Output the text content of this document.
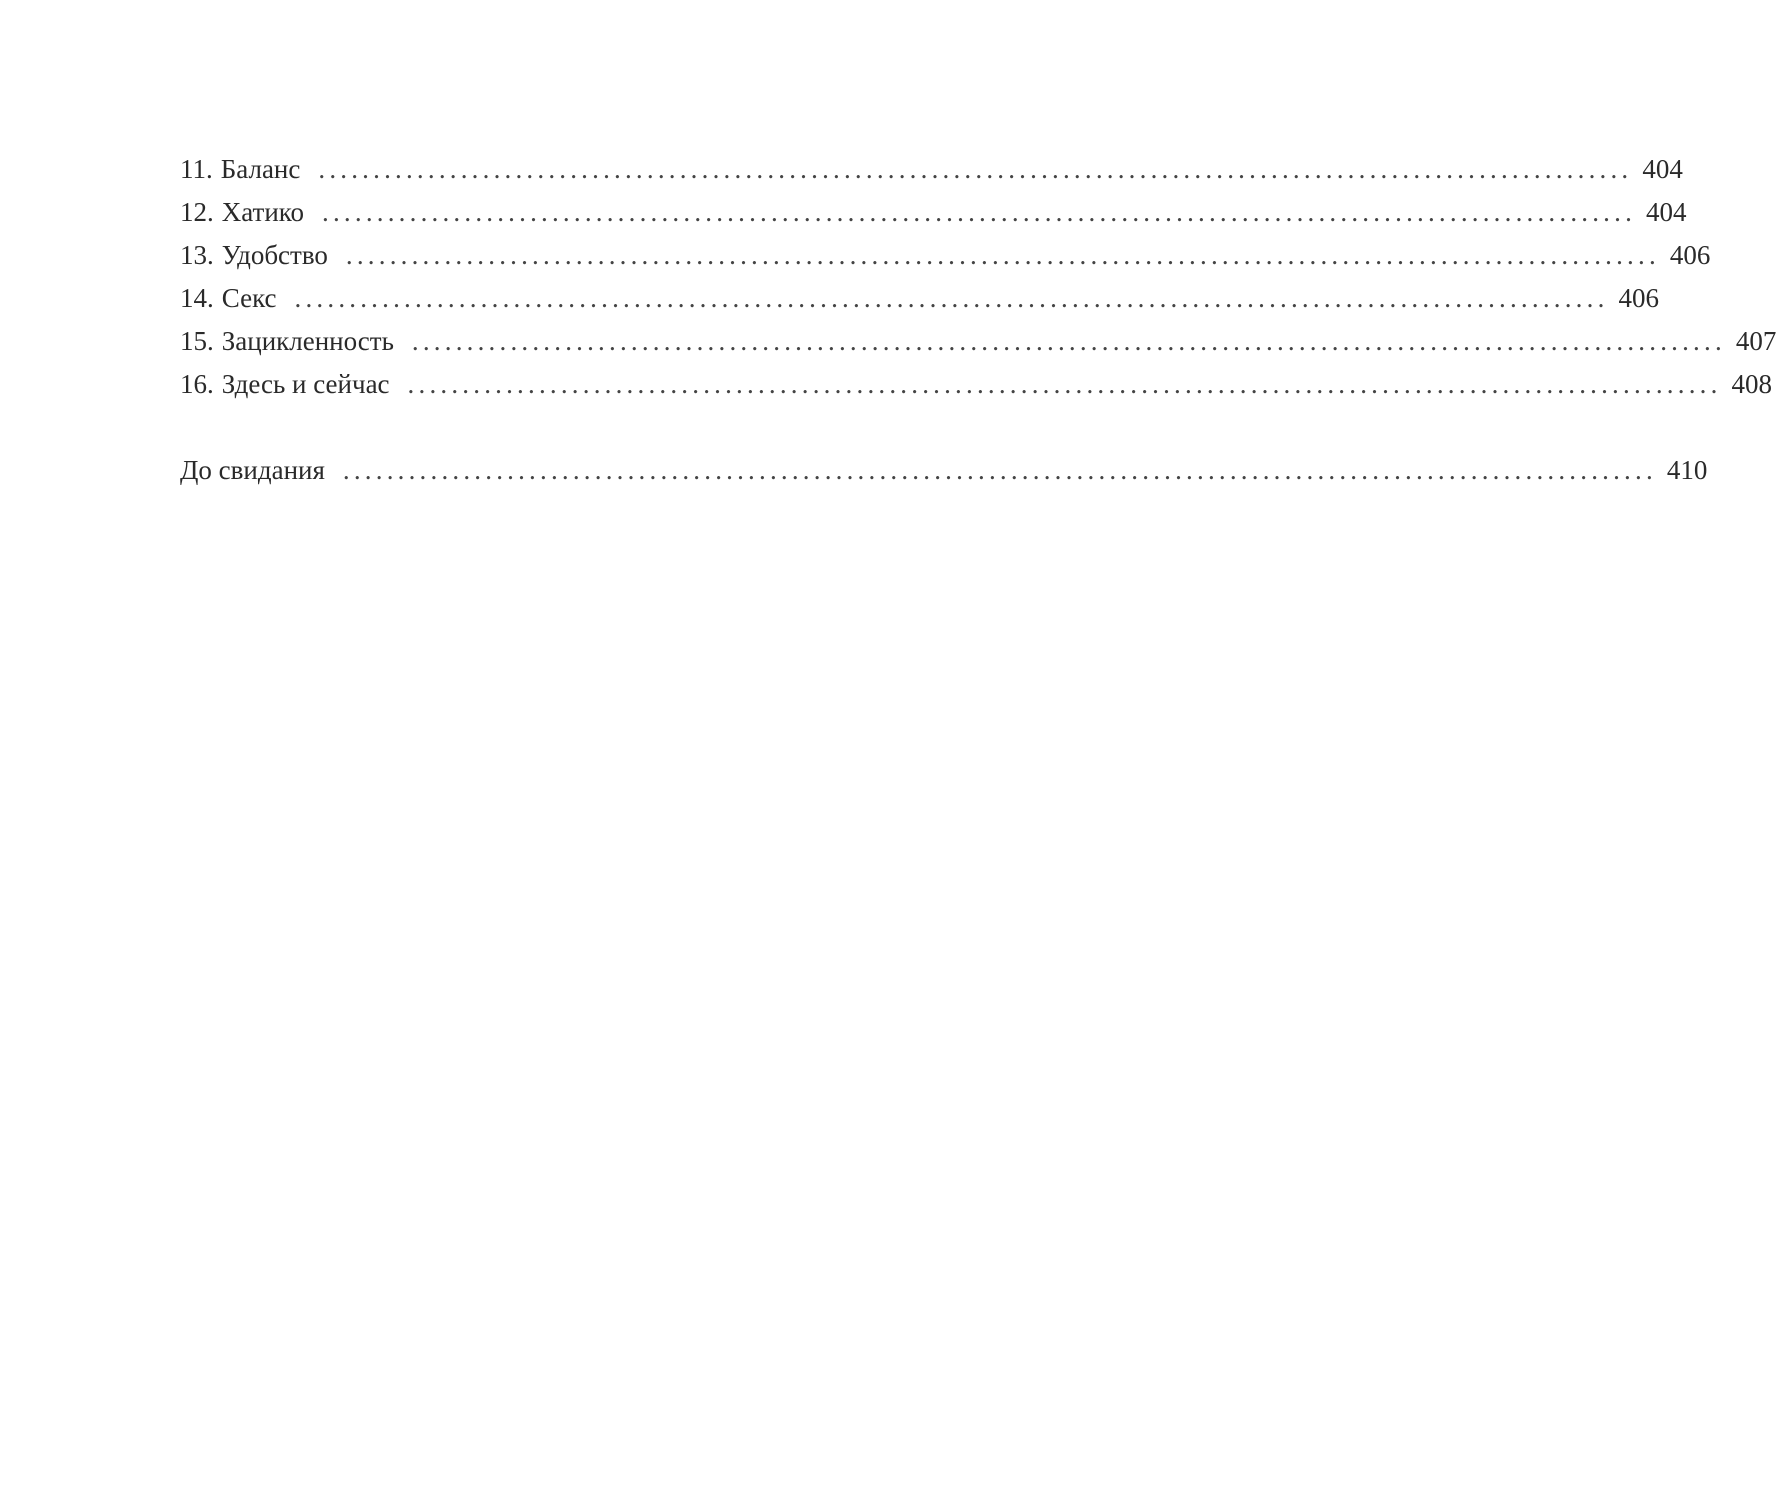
11. Баланс ........................................................................................................................ 404
12. Хатико ........................................................................................................................ 404
13. Удобство ........................................................................................................................ 406
14. Секс ........................................................................................................................ 406
15. Зацикленность ........................................................................................................................ 407
16. Здесь и сейчас ........................................................................................................................ 408
До свидания ........................................................................................................................ 410
